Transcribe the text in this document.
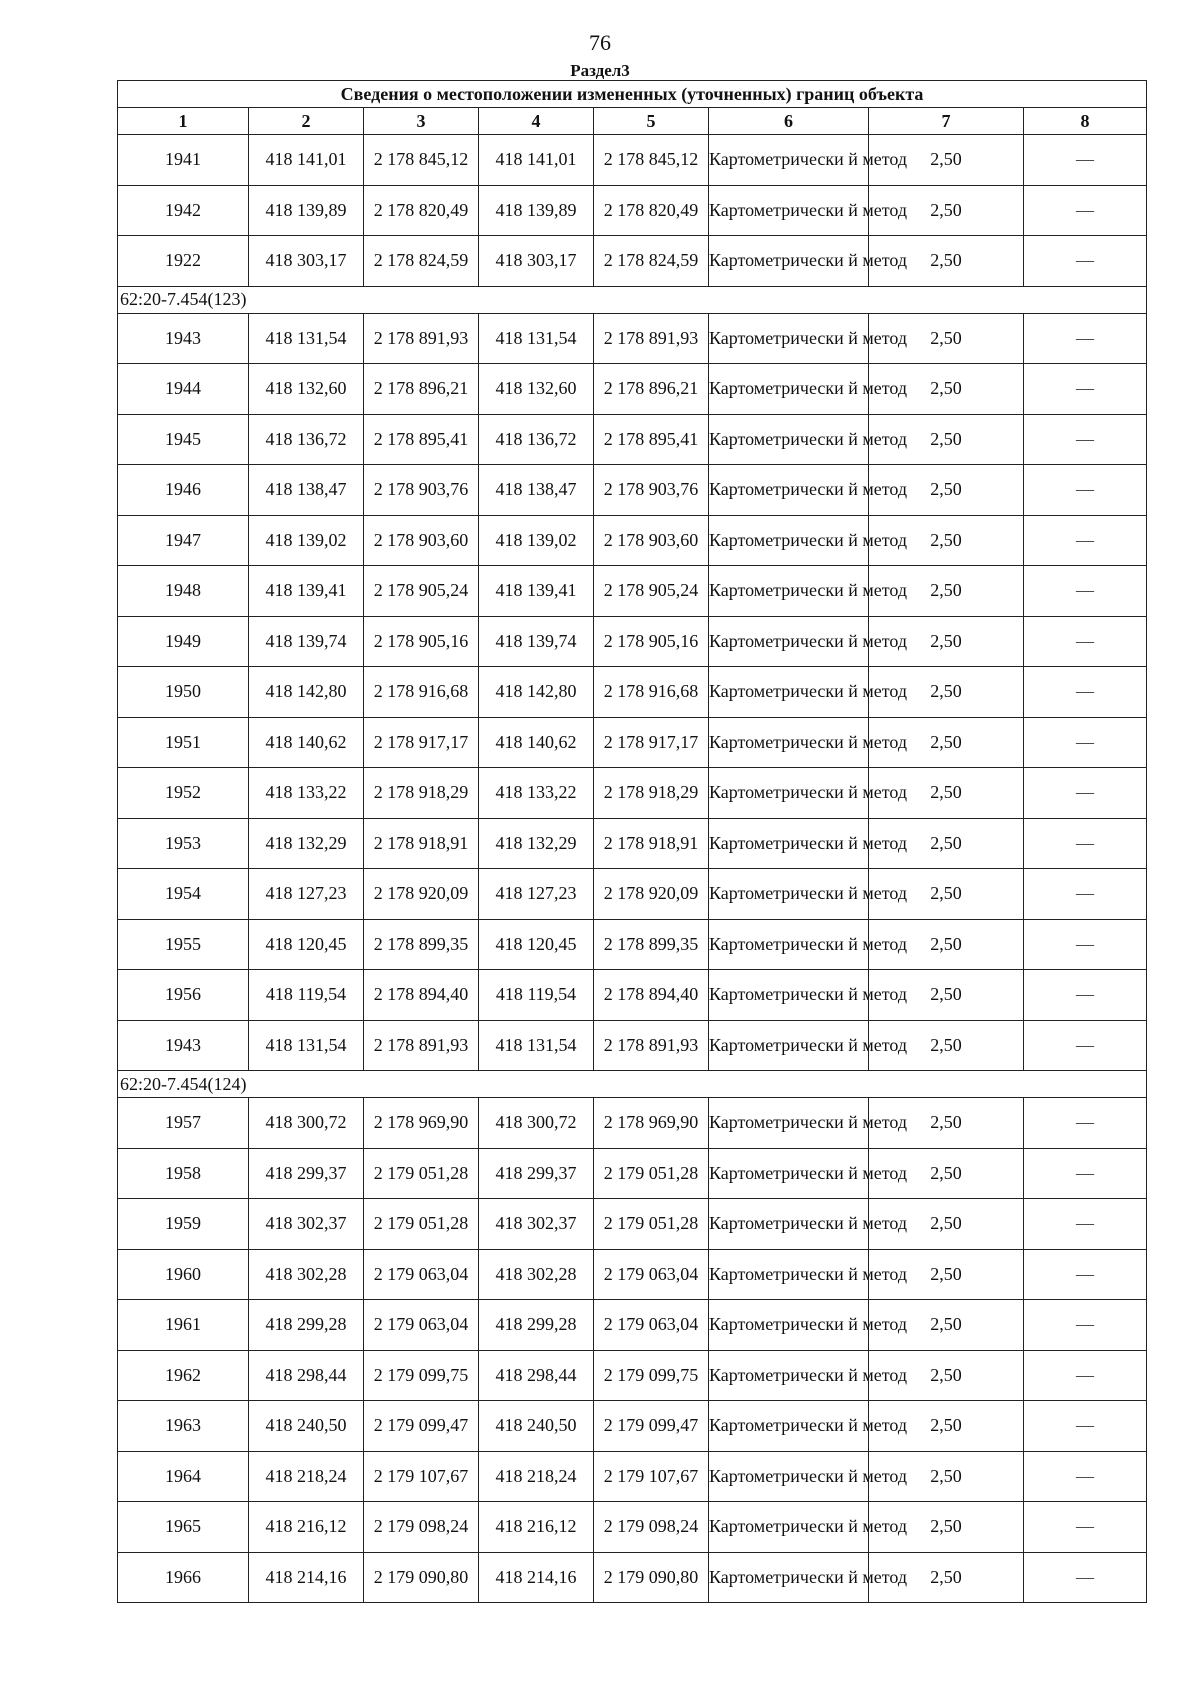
76
Раздел3
Сведения о местоположении измененных (уточненных) границ объекта							
1	2	3	4	5	6	7	8
1941	418 141,01	2 178 845,12	418 141,01	2 178 845,12	Картометрически й метод	2,50	—
1942	418 139,89	2 178 820,49	418 139,89	2 178 820,49	Картометрически й метод	2,50	—
1922	418 303,17	2 178 824,59	418 303,17	2 178 824,59	Картометрически й метод	2,50	—
62:20-7.454(123)							
1943	418 131,54	2 178 891,93	418 131,54	2 178 891,93	Картометрически й метод	2,50	—
1944	418 132,60	2 178 896,21	418 132,60	2 178 896,21	Картометрически й метод	2,50	—
1945	418 136,72	2 178 895,41	418 136,72	2 178 895,41	Картометрически й метод	2,50	—
1946	418 138,47	2 178 903,76	418 138,47	2 178 903,76	Картометрически й метод	2,50	—
1947	418 139,02	2 178 903,60	418 139,02	2 178 903,60	Картометрически й метод	2,50	—
1948	418 139,41	2 178 905,24	418 139,41	2 178 905,24	Картометрически й метод	2,50	—
1949	418 139,74	2 178 905,16	418 139,74	2 178 905,16	Картометрически й метод	2,50	—
1950	418 142,80	2 178 916,68	418 142,80	2 178 916,68	Картометрически й метод	2,50	—
1951	418 140,62	2 178 917,17	418 140,62	2 178 917,17	Картометрически й метод	2,50	—
1952	418 133,22	2 178 918,29	418 133,22	2 178 918,29	Картометрически й метод	2,50	—
1953	418 132,29	2 178 918,91	418 132,29	2 178 918,91	Картометрически й метод	2,50	—
1954	418 127,23	2 178 920,09	418 127,23	2 178 920,09	Картометрически й метод	2,50	—
1955	418 120,45	2 178 899,35	418 120,45	2 178 899,35	Картометрически й метод	2,50	—
1956	418 119,54	2 178 894,40	418 119,54	2 178 894,40	Картометрически й метод	2,50	—
1943	418 131,54	2 178 891,93	418 131,54	2 178 891,93	Картометрически й метод	2,50	—
62:20-7.454(124)							
1957	418 300,72	2 178 969,90	418 300,72	2 178 969,90	Картометрически й метод	2,50	—
1958	418 299,37	2 179 051,28	418 299,37	2 179 051,28	Картометрически й метод	2,50	—
1959	418 302,37	2 179 051,28	418 302,37	2 179 051,28	Картометрически й метод	2,50	—
1960	418 302,28	2 179 063,04	418 302,28	2 179 063,04	Картометрически й метод	2,50	—
1961	418 299,28	2 179 063,04	418 299,28	2 179 063,04	Картометрически й метод	2,50	—
1962	418 298,44	2 179 099,75	418 298,44	2 179 099,75	Картометрически й метод	2,50	—
1963	418 240,50	2 179 099,47	418 240,50	2 179 099,47	Картометрически й метод	2,50	—
1964	418 218,24	2 179 107,67	418 218,24	2 179 107,67	Картометрически й метод	2,50	—
1965	418 216,12	2 179 098,24	418 216,12	2 179 098,24	Картометрически й метод	2,50	—
1966	418 214,16	2 179 090,80	418 214,16	2 179 090,80	Картометрически й метод	2,50	—
